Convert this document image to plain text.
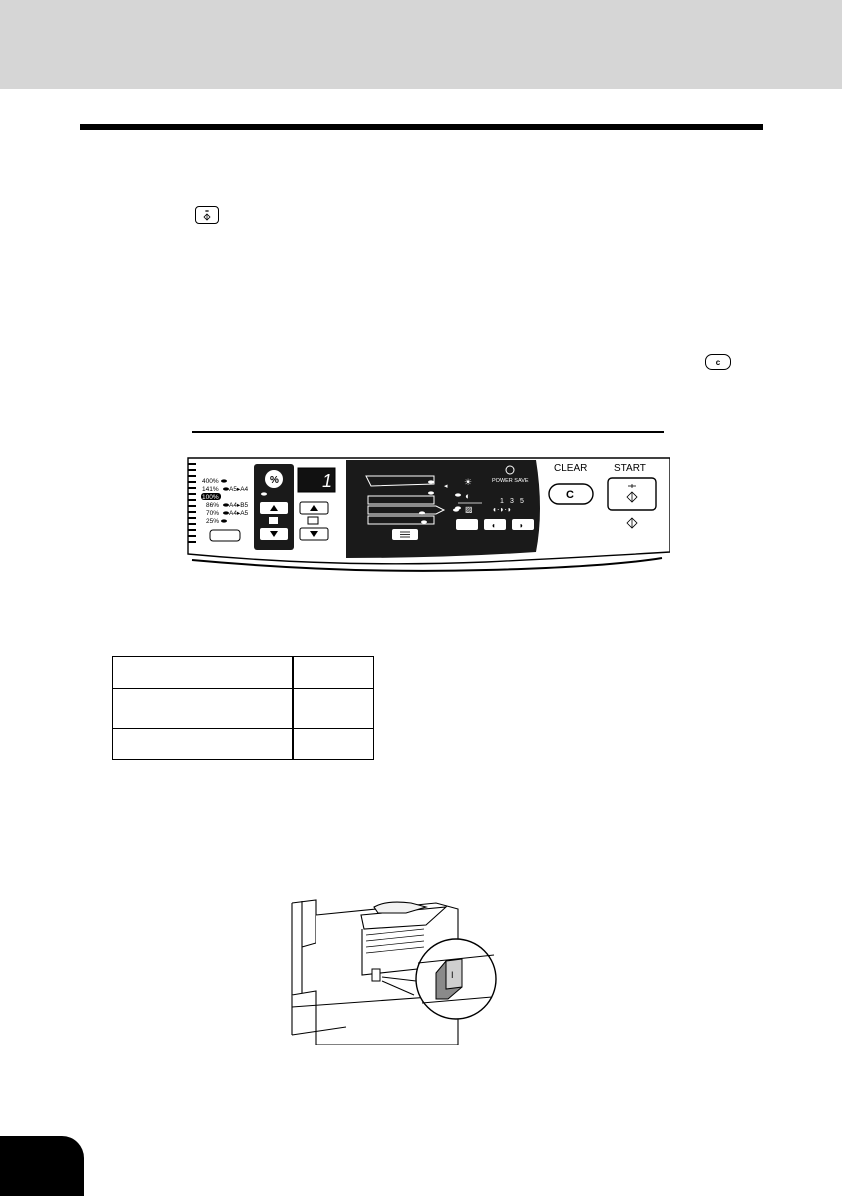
c
400%
141%
100%
86%
70%
25%
A5▸A4
A4▸B5
A4▸A5
% 1	◂ ☀
◐
▨
POWER SAVE
1 3 5
◖·◗·◗
◖	◗
CLEAR
C
START
I
